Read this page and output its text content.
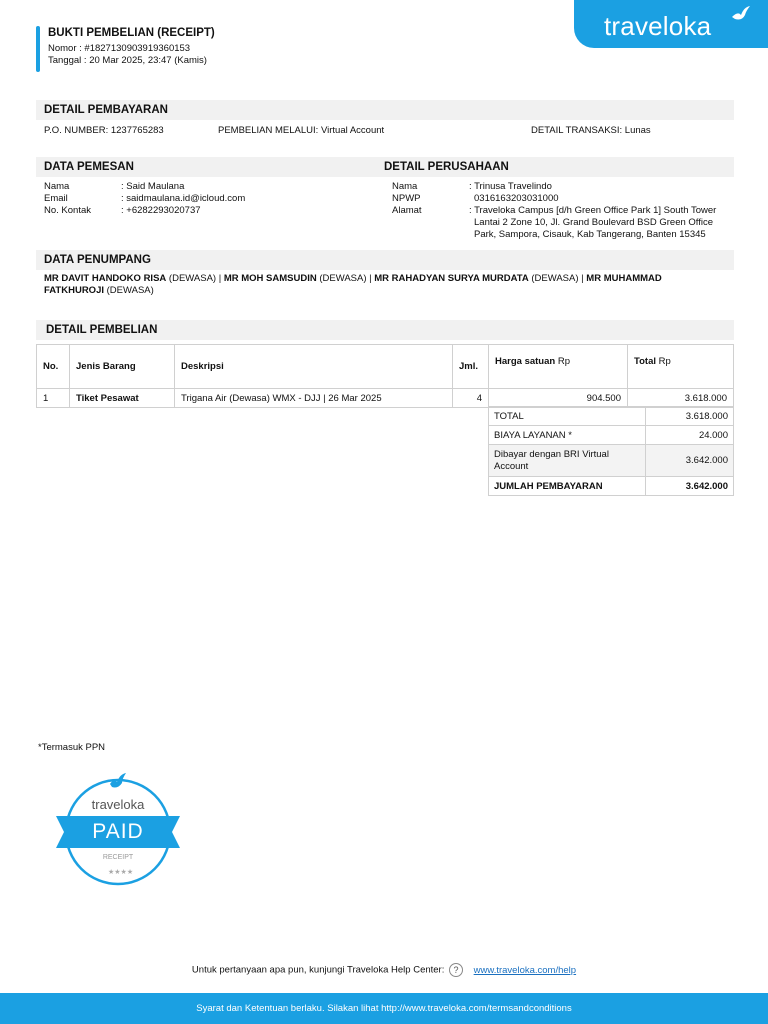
BUKTI PEMBELIAN (RECEIPT)
Nomor : #1827130903919360153
Tanggal : 20 Mar 2025, 23:47 (Kamis)
traveloka
DETAIL PEMBAYARAN
P.O. NUMBER: 1237765283	PEMBELIAN MELALUI: Virtual Account	DETAIL TRANSAKSI: Lunas
DATA PEMESAN	DETAIL PERUSAHAAN
Nama	: Said Maulana
Email	: saidmaulana.id@icloud.com
No. Kontak	: +6282293020737
Nama	: Trinusa Travelindo
NPWP	0316163203031000
Alamat	: Traveloka Campus [d/h Green Office Park 1] South Tower
Lantai 2 Zone 10, Jl. Grand Boulevard BSD Green Office
Park, Sampora, Cisauk, Kab Tangerang, Banten 15345
DATA PENUMPANG
MR DAVIT HANDOKO RISA (DEWASA) | MR MOH SAMSUDIN (DEWASA) | MR RAHADYAN SURYA MURDATA (DEWASA) | MR MUHAMMAD
FATKHUROJI (DEWASA)
DETAIL PEMBELIAN
No.	Jenis Barang	Deskripsi	Jml.	Harga satuan Rp	Total Rp
1	Tiket Pesawat	Trigana Air (Dewasa) WMX - DJJ | 26 Mar 2025	4	904.500	3.618.000
TOTAL	3.618.000
BIAYA LAYANAN *	24.000
Dibayar dengan BRI Virtual Account	3.642.000
JUMLAH PEMBAYARAN	3.642.000
*Termasuk PPN
★★★★
traveloka
PAID
RECEIPT
Untuk pertanyaan apa pun, kunjungi Traveloka Help Center: ? www.traveloka.com/help
Syarat dan Ketentuan berlaku. Silakan lihat http://www.traveloka.com/termsandconditions
